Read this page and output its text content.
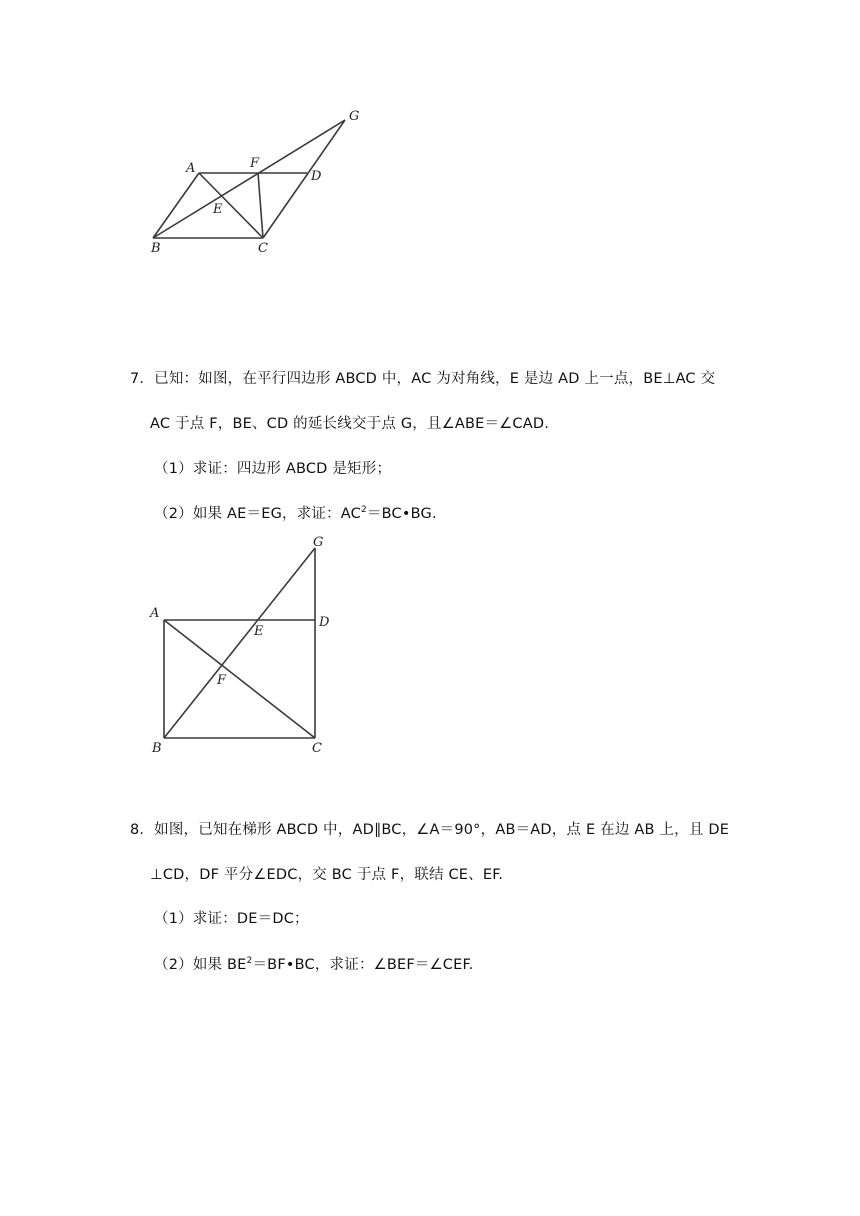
A	F
D
G
E
B	C
7．已知：如图，在平行四边形 ABCD 中，AC 为对角线，E 是边 AD 上一点，BE⊥AC 交
AC 于点 F，BE、CD 的延长线交于点 G，且∠ABE＝∠CAD.
（1）求证：四边形 ABCD 是矩形；
（2）如果 AE＝EG，求证：$AC^2=BC•BG$.
G
A
E
D
F
B	C
8．如图，已知在梯形 ABCD 中，AD∥BC，∠A＝90°，AB＝AD，点 E 在边 AB 上，且 DE
⊥CD，DF 平分∠EDC，交 BC 于点 F，联结 CE、EF.
（1）求证：DE＝DC；
（2）如果 $BE^2=BF•BC$，求证：∠BEF＝∠CEF.
